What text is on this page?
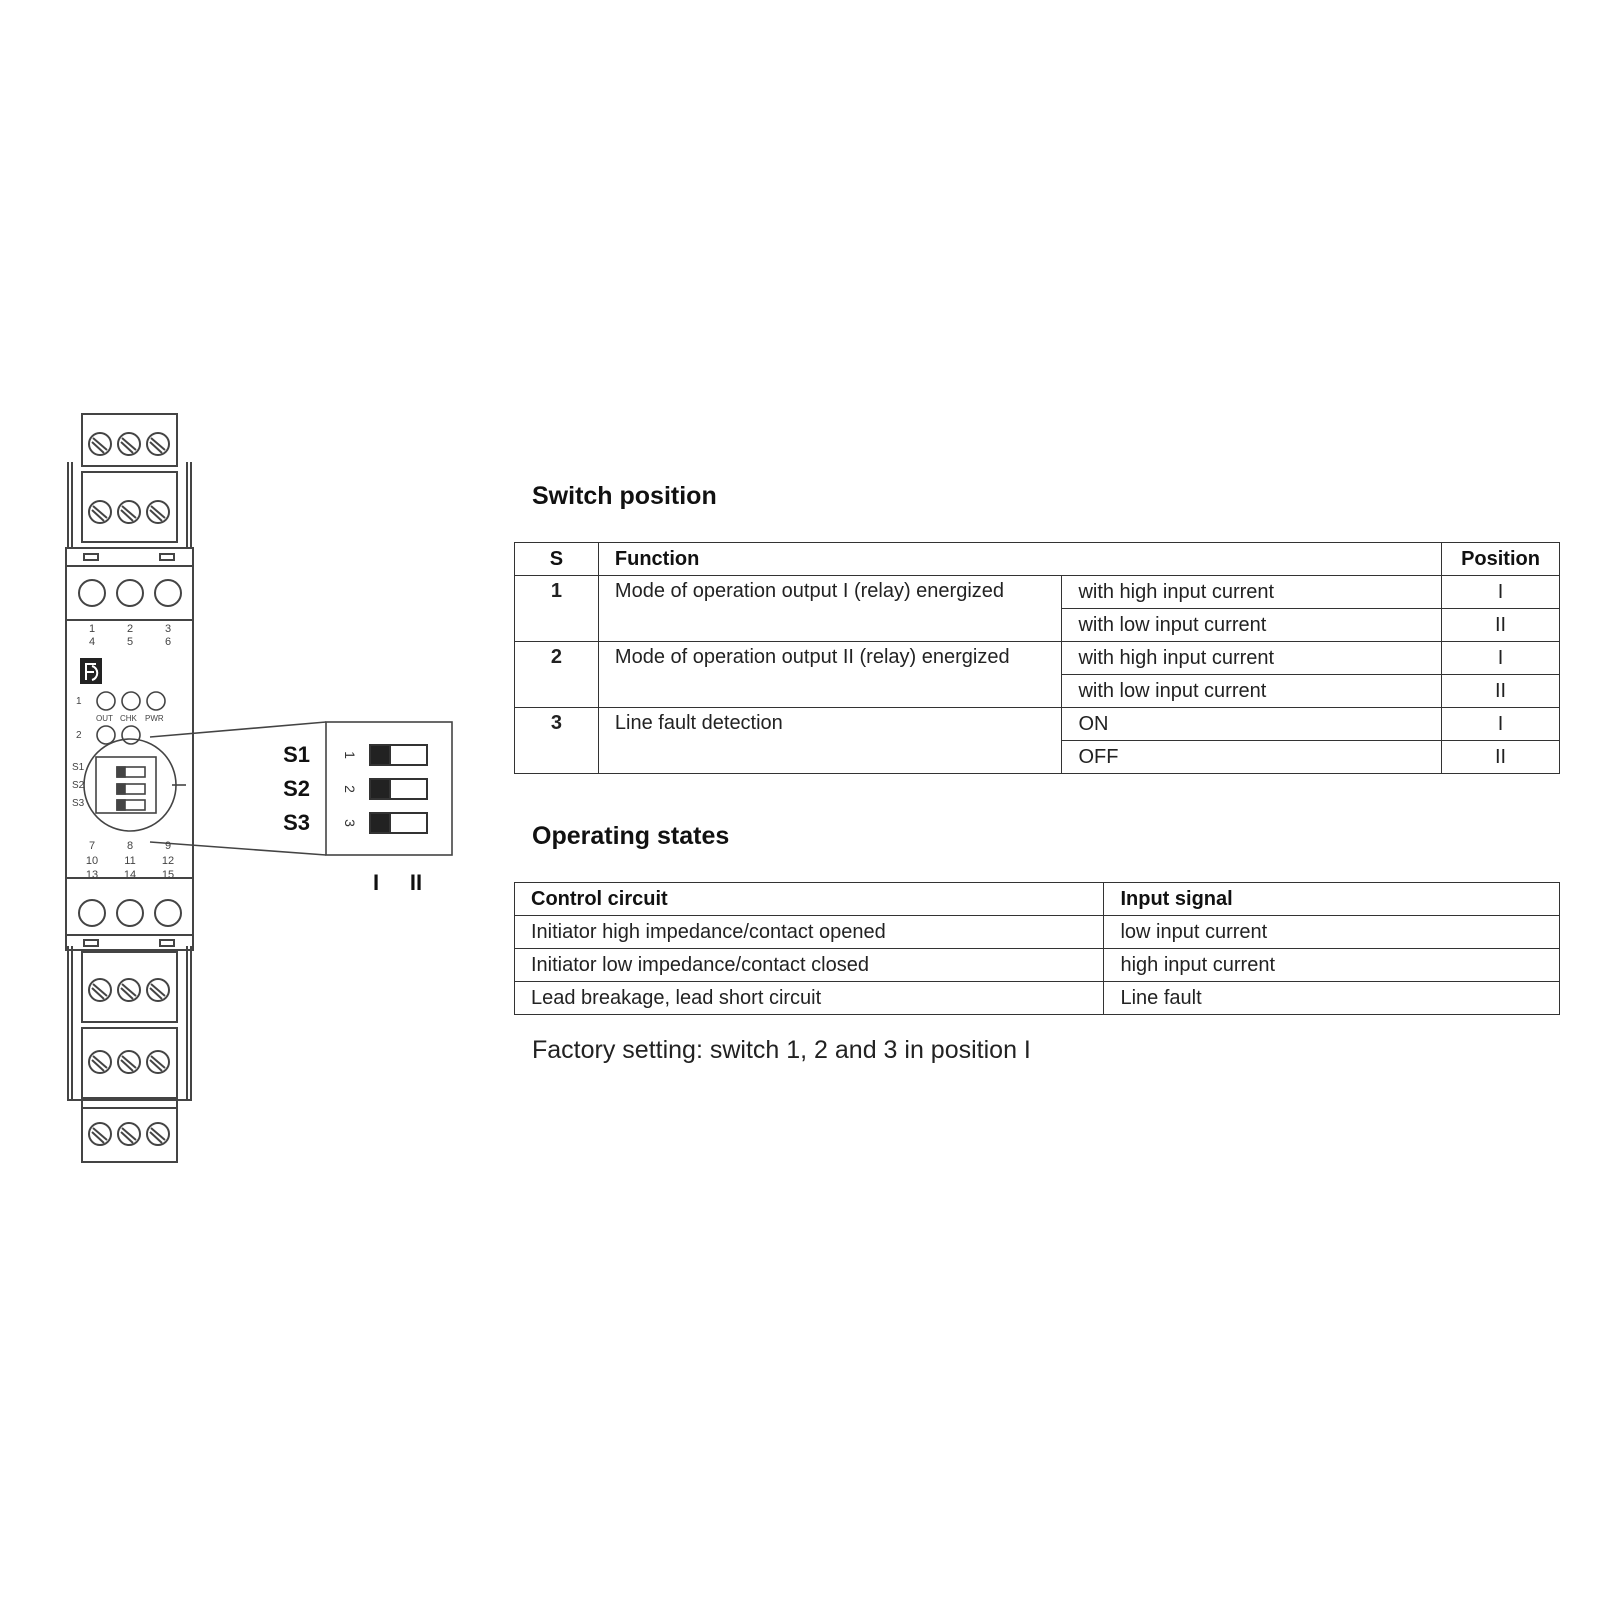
1	2	3
4	5	6
7	8	9
10 11 12
13 14 15
1
2
OUT CHK PWR
S1
S2
S3
S1
S2
S3
1
2
3
I II
Switch position
S	Function		Position
1	Mode of operation output I (relay) energized	with high input current	I
		with low input current	II
2	Mode of operation output II (relay) energized	with high input current	I
		with low input current	II
3	Line fault detection	ON	I
		OFF	II
Operating states
Control circuit	Input signal
Initiator high impedance/contact opened	low input current
Initiator low impedance/contact closed	high input current
Lead breakage, lead short circuit	Line fault

Factory setting: switch 1, 2 and 3 in position I
